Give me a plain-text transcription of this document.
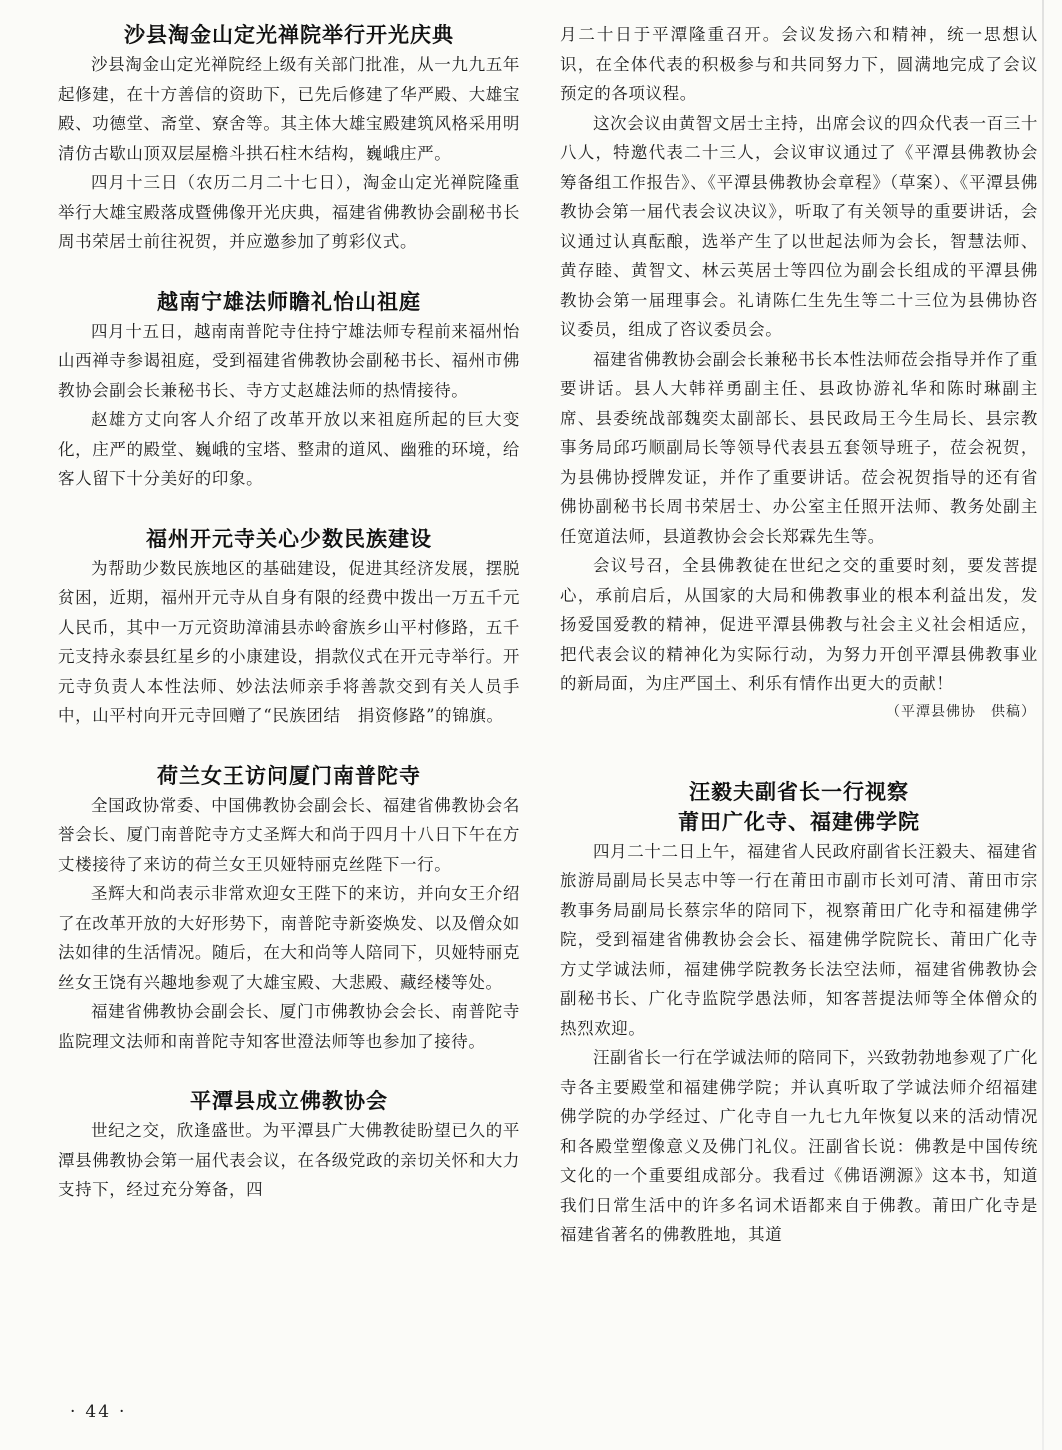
沙县淘金山定光禅院举行开光庆典

沙县淘金山定光禅院经上级有关部门批准，从一九九五年起修建，在十方善信的资助下，已先后修建了华严殿、大雄宝殿、功德堂、斋堂、寮舍等。其主体大雄宝殿建筑风格采用明清仿古歇山顶双层屋檐斗拱石柱木结构，巍峨庄严。

四月十三日（农历二月二十七日），淘金山定光禅院隆重举行大雄宝殿落成暨佛像开光庆典，福建省佛教协会副秘书长周书荣居士前往祝贺，并应邀参加了剪彩仪式。

越南宁雄法师瞻礼怡山祖庭

四月十五日，越南南普陀寺住持宁雄法师专程前来福州怡山西禅寺参谒祖庭，受到福建省佛教协会副秘书长、福州市佛教协会副会长兼秘书长、寺方丈赵雄法师的热情接待。

赵雄方丈向客人介绍了改革开放以来祖庭所起的巨大变化，庄严的殿堂、巍峨的宝塔、整肃的道风、幽雅的环境，给客人留下十分美好的印象。

福州开元寺关心少数民族建设

为帮助少数民族地区的基础建设，促进其经济发展，摆脱贫困，近期，福州开元寺从自身有限的经费中拨出一万五千元人民币，其中一万元资助漳浦县赤岭畲族乡山平村修路，五千元支持永泰县红星乡的小康建设，捐款仪式在开元寺举行。开元寺负责人本性法师、妙法法师亲手将善款交到有关人员手中，山平村向开元寺回赠了“民族团结　捐资修路”的锦旗。

荷兰女王访问厦门南普陀寺

全国政协常委、中国佛教协会副会长、福建省佛教协会名誉会长、厦门南普陀寺方丈圣辉大和尚于四月十八日下午在方丈楼接待了来访的荷兰女王贝娅特丽克丝陛下一行。

圣辉大和尚表示非常欢迎女王陛下的来访，并向女王介绍了在改革开放的大好形势下，南普陀寺新姿焕发、以及僧众如法如律的生活情况。随后，在大和尚等人陪同下，贝娅特丽克丝女王饶有兴趣地参观了大雄宝殿、大悲殿、藏经楼等处。

福建省佛教协会副会长、厦门市佛教协会会长、南普陀寺监院理文法师和南普陀寺知客世澄法师等也参加了接待。

平潭县成立佛教协会

世纪之交，欣逢盛世。为平潭县广大佛教徒盼望已久的平潭县佛教协会第一届代表会议，在各级党政的亲切关怀和大力支持下，经过充分筹备，四

月二十日于平潭隆重召开。会议发扬六和精神，统一思想认识，在全体代表的积极参与和共同努力下，圆满地完成了会议预定的各项议程。

这次会议由黄智文居士主持，出席会议的四众代表一百三十八人，特邀代表二十三人，会议审议通过了《平潭县佛教协会筹备组工作报告》、《平潭县佛教协会章程》（草案）、《平潭县佛教协会第一届代表会议决议》，听取了有关领导的重要讲话，会议通过认真酝酿，选举产生了以世起法师为会长，智慧法师、黄存睦、黄智文、林云英居士等四位为副会长组成的平潭县佛教协会第一届理事会。礼请陈仁生先生等二十三位为县佛协咨议委员，组成了咨议委员会。

福建省佛教协会副会长兼秘书长本性法师莅会指导并作了重要讲话。县人大韩祥勇副主任、县政协游礼华和陈时琳副主席、县委统战部魏奕太副部长、县民政局王今生局长、县宗教事务局邱巧顺副局长等领导代表县五套领导班子，莅会祝贺，为县佛协授牌发证，并作了重要讲话。莅会祝贺指导的还有省佛协副秘书长周书荣居士、办公室主任照开法师、教务处副主任宽道法师，县道教协会会长郑霖先生等。

会议号召，全县佛教徒在世纪之交的重要时刻，要发菩提心，承前启后，从国家的大局和佛教事业的根本利益出发，发扬爱国爱教的精神，促进平潭县佛教与社会主义社会相适应，把代表会议的精神化为实际行动，为努力开创平潭县佛教事业的新局面，为庄严国土、利乐有情作出更大的贡献！

（平潭县佛协　供稿）

汪毅夫副省长一行视察
莆田广化寺、福建佛学院

四月二十二日上午，福建省人民政府副省长汪毅夫、福建省旅游局副局长吴志中等一行在莆田市副市长刘可清、莆田市宗教事务局副局长蔡宗华的陪同下，视察莆田广化寺和福建佛学院，受到福建省佛教协会会长、福建佛学院院长、莆田广化寺方丈学诚法师，福建佛学院教务长法空法师，福建省佛教协会副秘书长、广化寺监院学愚法师，知客菩提法师等全体僧众的热烈欢迎。

汪副省长一行在学诚法师的陪同下，兴致勃勃地参观了广化寺各主要殿堂和福建佛学院；并认真听取了学诚法师介绍福建佛学院的办学经过、广化寺自一九七九年恢复以来的活动情况和各殿堂塑像意义及佛门礼仪。汪副省长说：佛教是中国传统文化的一个重要组成部分。我看过《佛语溯源》这本书，知道我们日常生活中的许多名词术语都来自于佛教。莆田广化寺是福建省著名的佛教胜地，其道

· 44 ·
